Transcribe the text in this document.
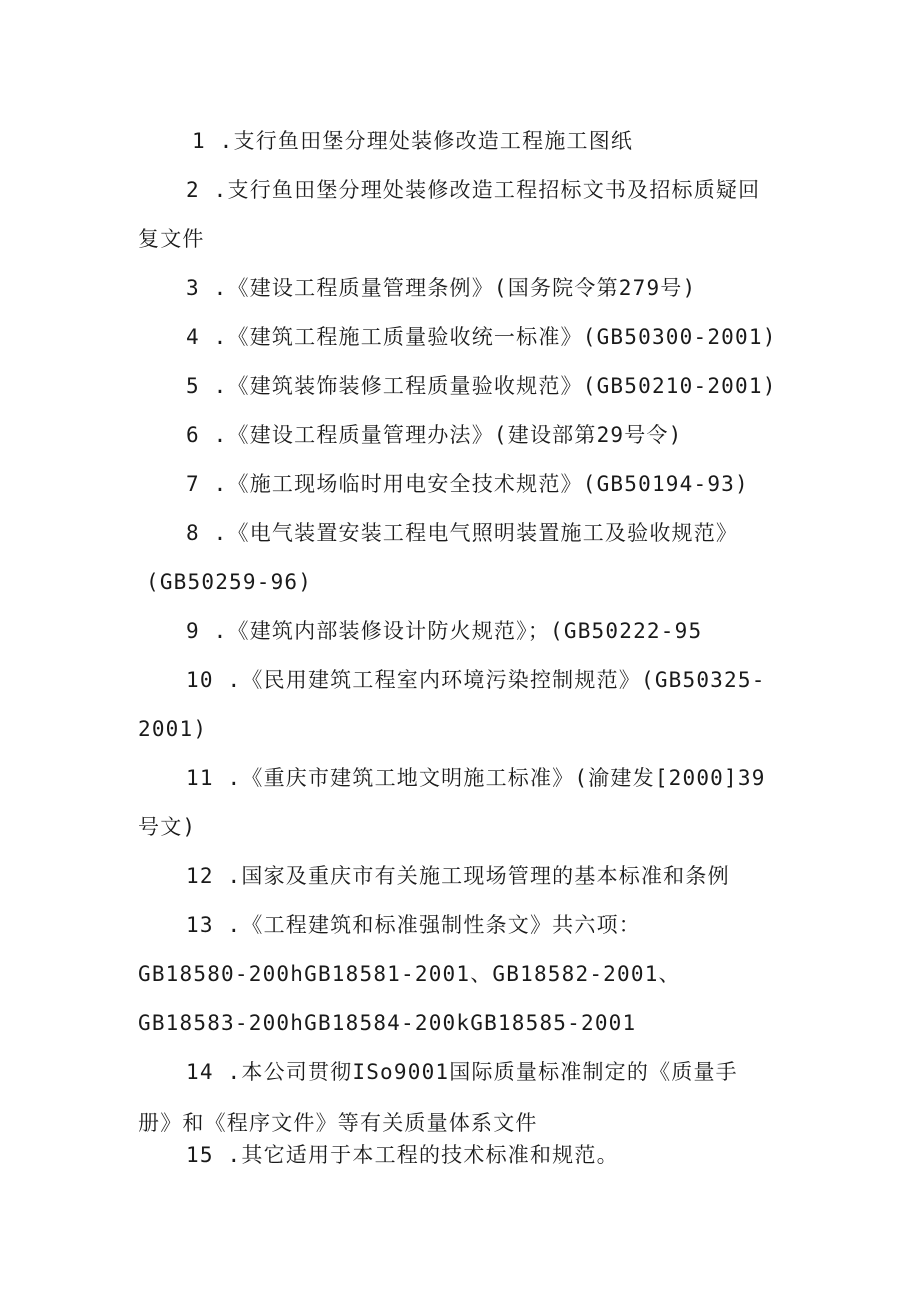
1 .支行鱼田堡分理处装修改造工程施工图纸
2 .支行鱼田堡分理处装修改造工程招标文书及招标质疑回
复文件
3 .《建设工程质量管理条例》(国务院令第279号)
4 .《建筑工程施工质量验收统一标准》(GB50300-2001)
5 .《建筑装饰装修工程质量验收规范》(GB50210-2001)
6 .《建设工程质量管理办法》(建设部第29号令)
7 .《施工现场临时用电安全技术规范》(GB50194-93)
8 .《电气装置安装工程电气照明装置施工及验收规范》
(GB50259-96)
9 .《建筑内部装修设计防火规范》；(GB50222-95
10 .《民用建筑工程室内环境污染控制规范》(GB50325-
2001)
11 .《重庆市建筑工地文明施工标准》(渝建发[2000]39
号文)
12 .国家及重庆市有关施工现场管理的基本标准和条例
13 .《工程建筑和标准强制性条文》共六项：
GB18580-200hGB18581-2001、GB18582-2001、
GB18583-200hGB18584-200kGB18585-2001
14 .本公司贯彻ISo9001国际质量标准制定的《质量手
册》和《程序文件》等有关质量体系文件
15 .其它适用于本工程的技术标准和规范。
